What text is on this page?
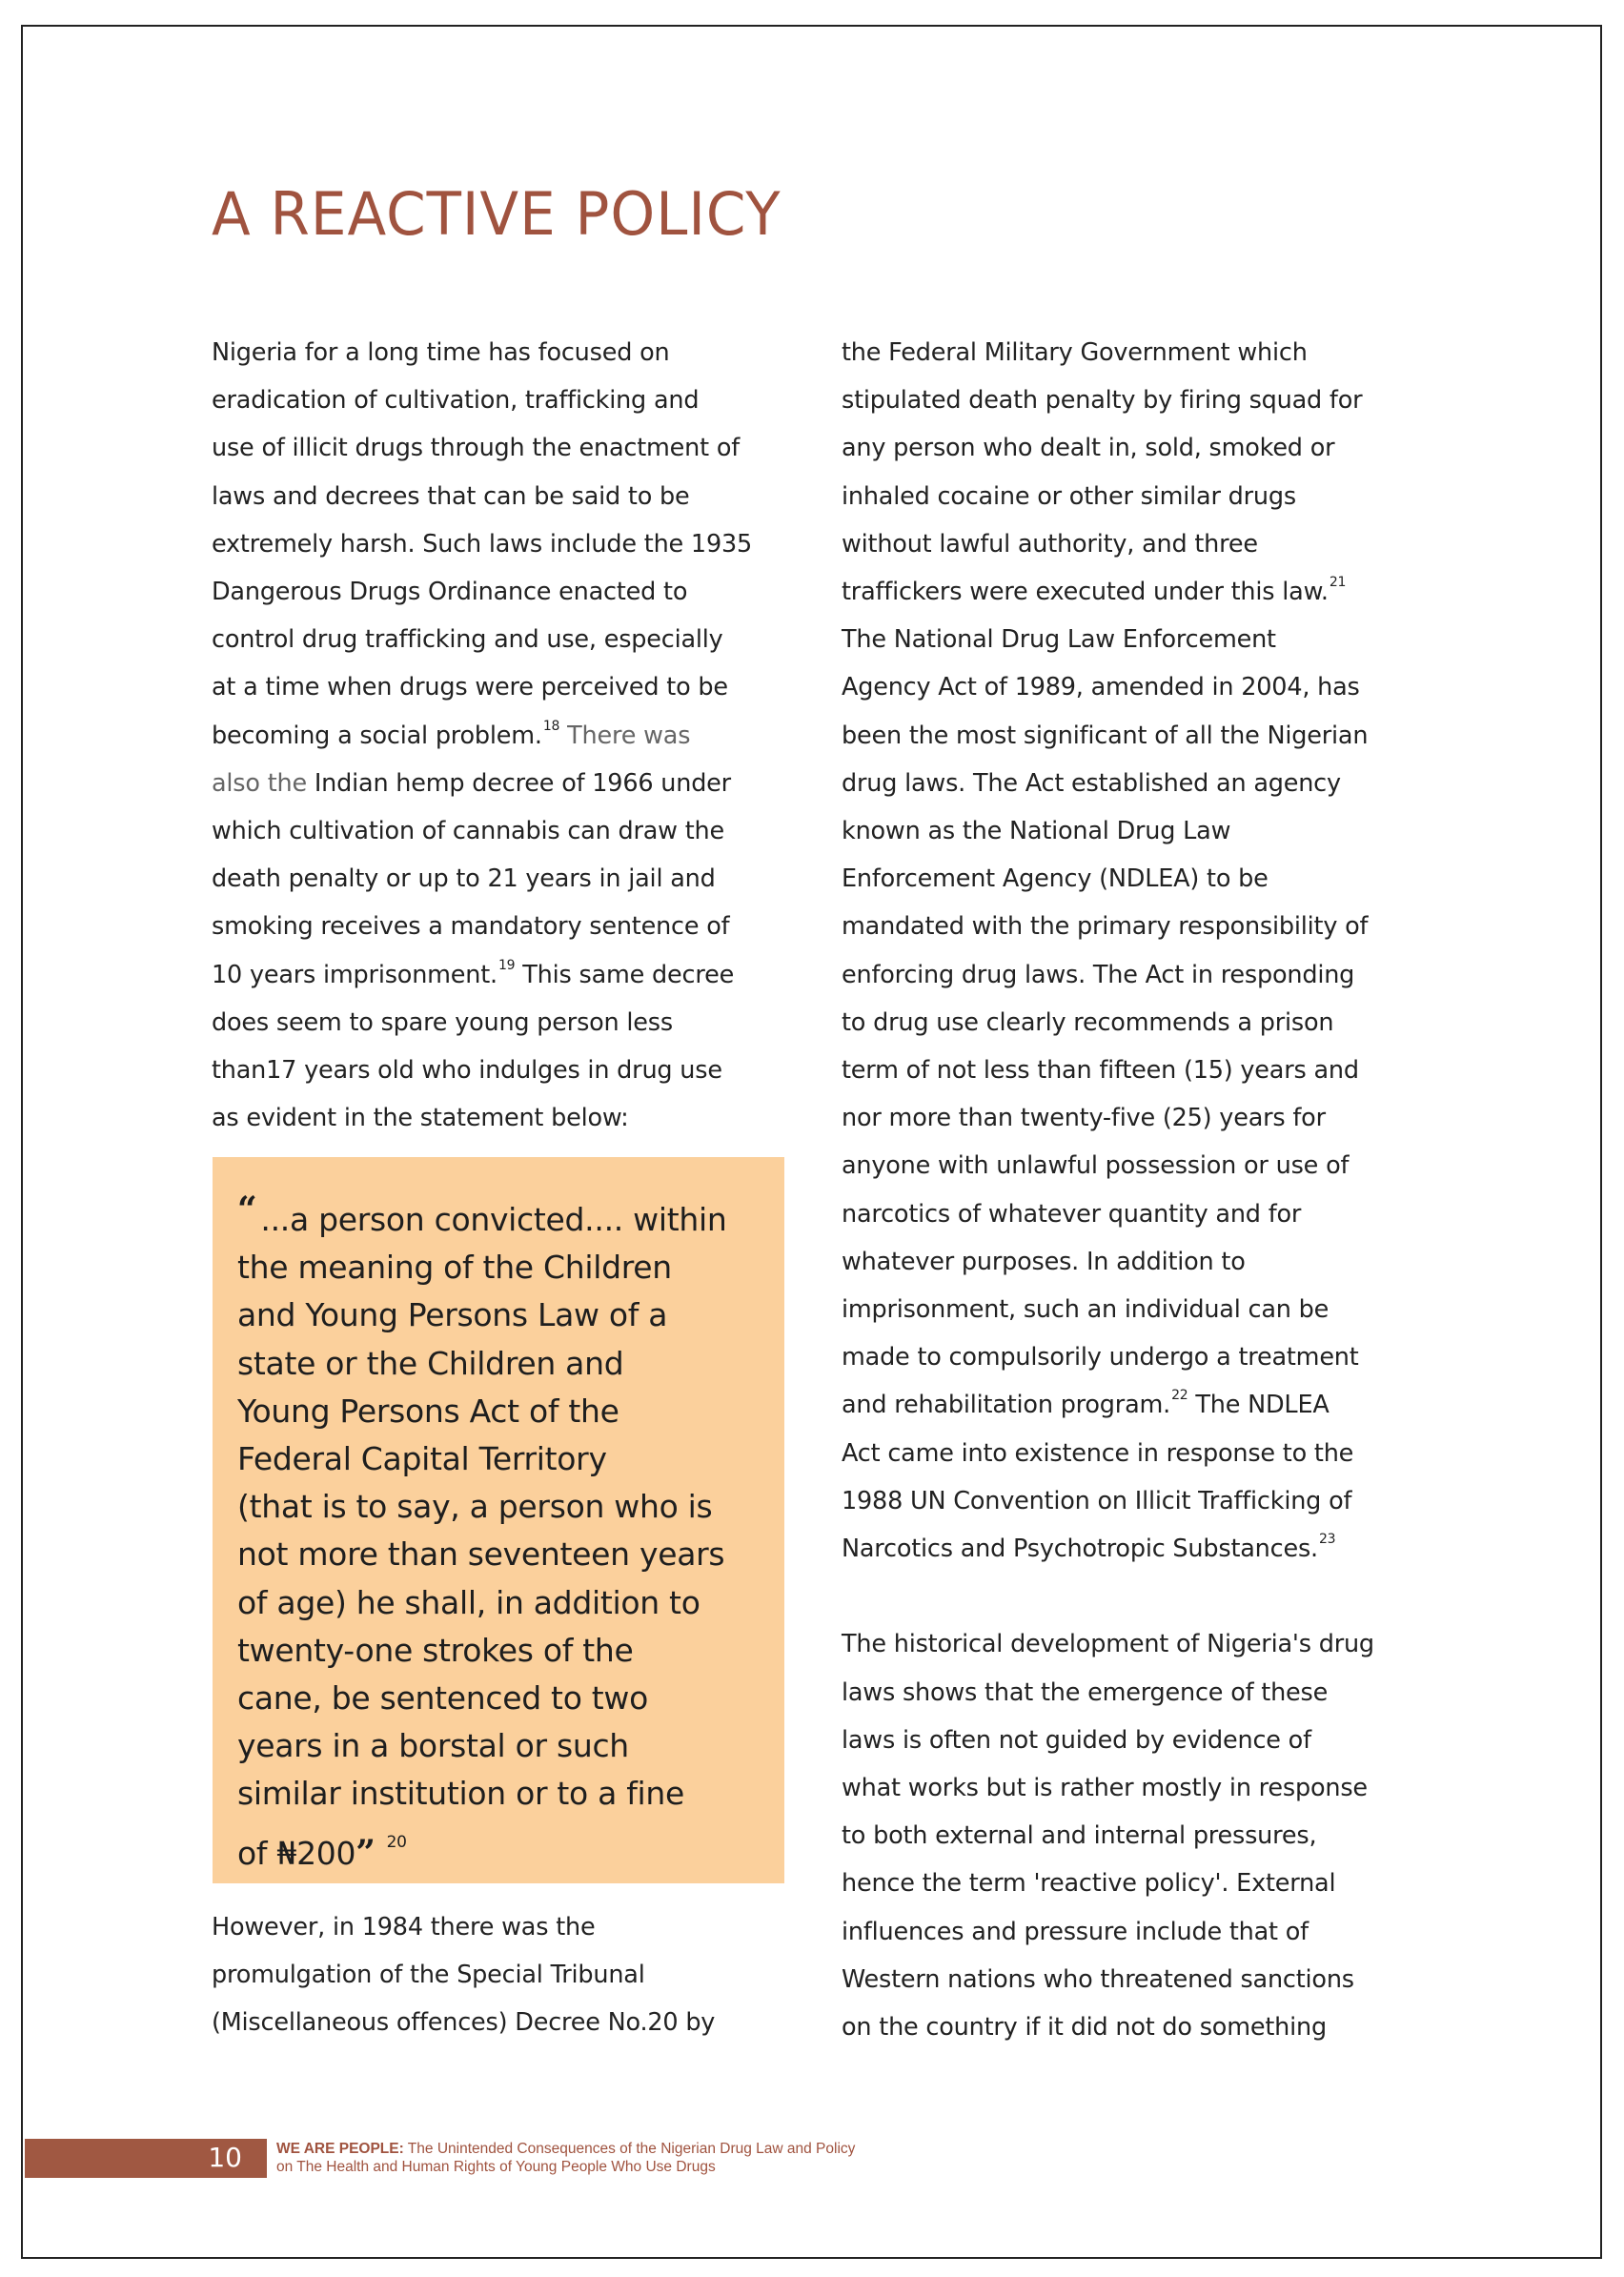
A REACTIVE POLICY
Nigeria for a long time has focused on
eradication of cultivation, trafficking and
use of illicit drugs through the enactment of
laws and decrees that can be said to be
extremely harsh. Such laws include the 1935
Dangerous Drugs Ordinance enacted to
control drug trafficking and use, especially
at a time when drugs were perceived to be
becoming a social problem.$^{18}$ There was
also the Indian hemp decree of 1966 under
which cultivation of cannabis can draw the
death penalty or up to 21 years in jail and
smoking receives a mandatory sentence of
10 years imprisonment.$^{19}$ This same decree
does seem to spare young person less
than17 years old who indulges in drug use
as evident in the statement below:
“ ...a person convicted.... within
the meaning of the Children
and Young Persons Law of a
state or the Children and
Young Persons Act of the
Federal Capital Territory
(that is to say, a person who is
not more than seventeen years
of age) he shall, in addition to
twenty-one strokes of the
cane, be sentenced to two
years in a borstal or such
similar institution or to a fine
of ₦200” $^{20}$
However, in 1984 there was the
promulgation of the Special Tribunal
(Miscellaneous offences) Decree No.20 by
the Federal Military Government which
stipulated death penalty by firing squad for
any person who dealt in, sold, smoked or
inhaled cocaine or other similar drugs
without lawful authority, and three
traffickers were executed under this law.$^{21}$
The National Drug Law Enforcement
Agency Act of 1989, amended in 2004, has
been the most significant of all the Nigerian
drug laws. The Act established an agency
known as the National Drug Law
Enforcement Agency (NDLEA) to be
mandated with the primary responsibility of
enforcing drug laws. The Act in responding
to drug use clearly recommends a prison
term of not less than fifteen (15) years and
nor more than twenty-five (25) years for
anyone with unlawful possession or use of
narcotics of whatever quantity and for
whatever purposes. In addition to
imprisonment, such an individual can be
made to compulsorily undergo a treatment
and rehabilitation program.$^{22}$ The NDLEA
Act came into existence in response to the
1988 UN Convention on Illicit Trafficking of
Narcotics and Psychotropic Substances.$^{23}$
The historical development of Nigeria's drug
laws shows that the emergence of these
laws is often not guided by evidence of
what works but is rather mostly in response
to both external and internal pressures,
hence the term 'reactive policy'. External
influences and pressure include that of
Western nations who threatened sanctions
on the country if it did not do something
10 WE ARE PEOPLE: The Unintended Consequences of the Nigerian Drug Law and Policy
on The Health and Human Rights of Young People Who Use Drugs
